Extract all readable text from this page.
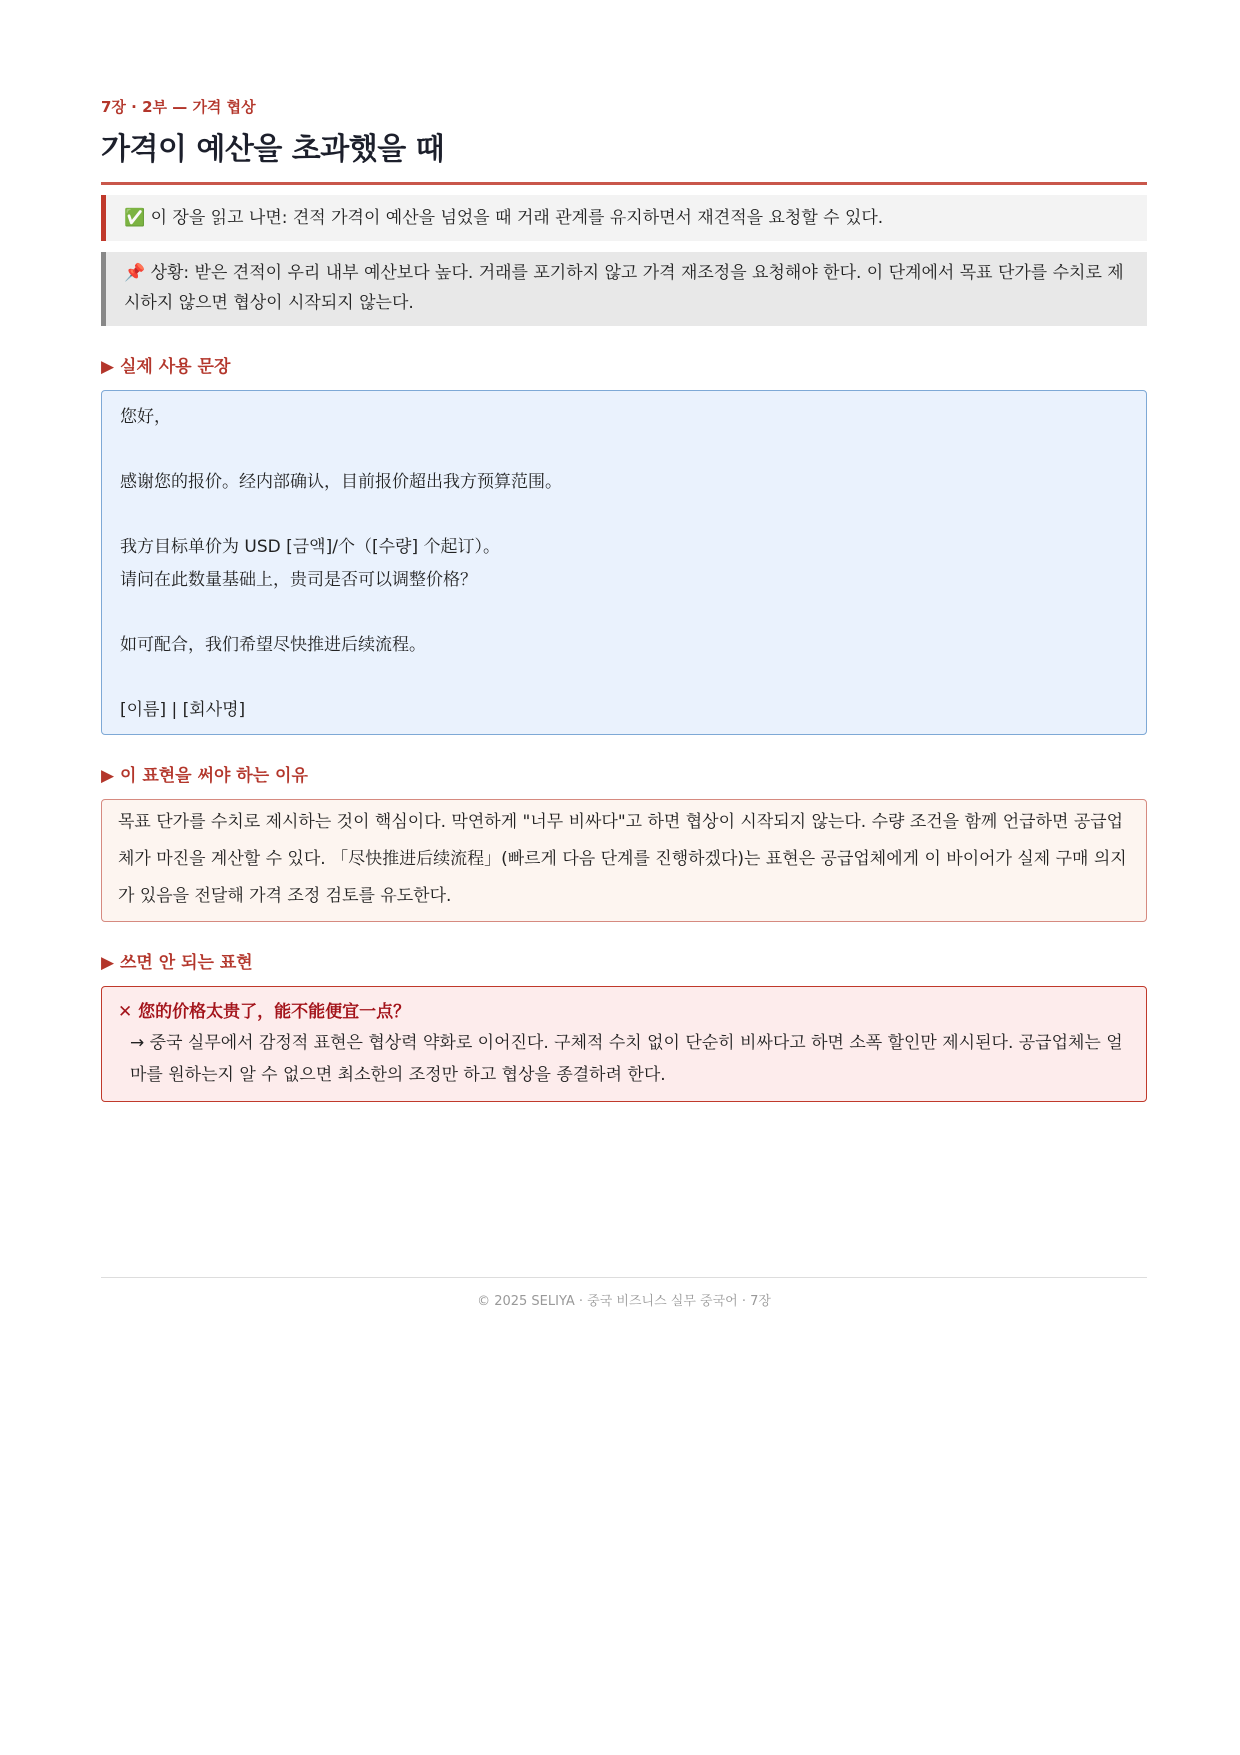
7장 · 2부 — 가격 협상
가격이 예산을 초과했을 때
✅ 이 장을 읽고 나면: 견적 가격이 예산을 넘었을 때 거래 관계를 유지하면서 재견적을 요청할 수 있다.
📌 상황: 받은 견적이 우리 내부 예산보다 높다. 거래를 포기하지 않고 가격 재조정을 요청해야 한다. 이 단계에서 목표 단가를 수치로 제시하지 않으면 협상이 시작되지 않는다.
▶ 실제 사용 문장
您好，
感谢您的报价。经内部确认，目前报价超出我方预算范围。
我方目标单价为 USD [금액]/个（[수량] 个起订）。
请问在此数量基础上，贵司是否可以调整价格？
如可配合，我们希望尽快推进后续流程。
[이름] | [회사명]
▶ 이 표현을 써야 하는 이유
목표 단가를 수치로 제시하는 것이 핵심이다. 막연하게 "너무 비싸다"고 하면 협상이 시작되지 않는다. 수량 조건을 함께 언급하면 공급업체가 마진을 계산할 수 있다. 「尽快推进后续流程」(빠르게 다음 단계를 진행하겠다)는 표현은 공급업체에게 이 바이어가 실제 구매 의지가 있음을 전달해 가격 조정 검토를 유도한다.
▶ 쓰면 안 되는 표현
✕ 您的价格太贵了，能不能便宜一点？
→ 중국 실무에서 감정적 표현은 협상력 약화로 이어진다. 구체적 수치 없이 단순히 비싸다고 하면 소폭 할인만 제시된다. 공급업체는 얼마를 원하는지 알 수 없으면 최소한의 조정만 하고 협상을 종결하려 한다.
© 2025 SELIYA · 중국 비즈니스 실무 중국어 · 7장
